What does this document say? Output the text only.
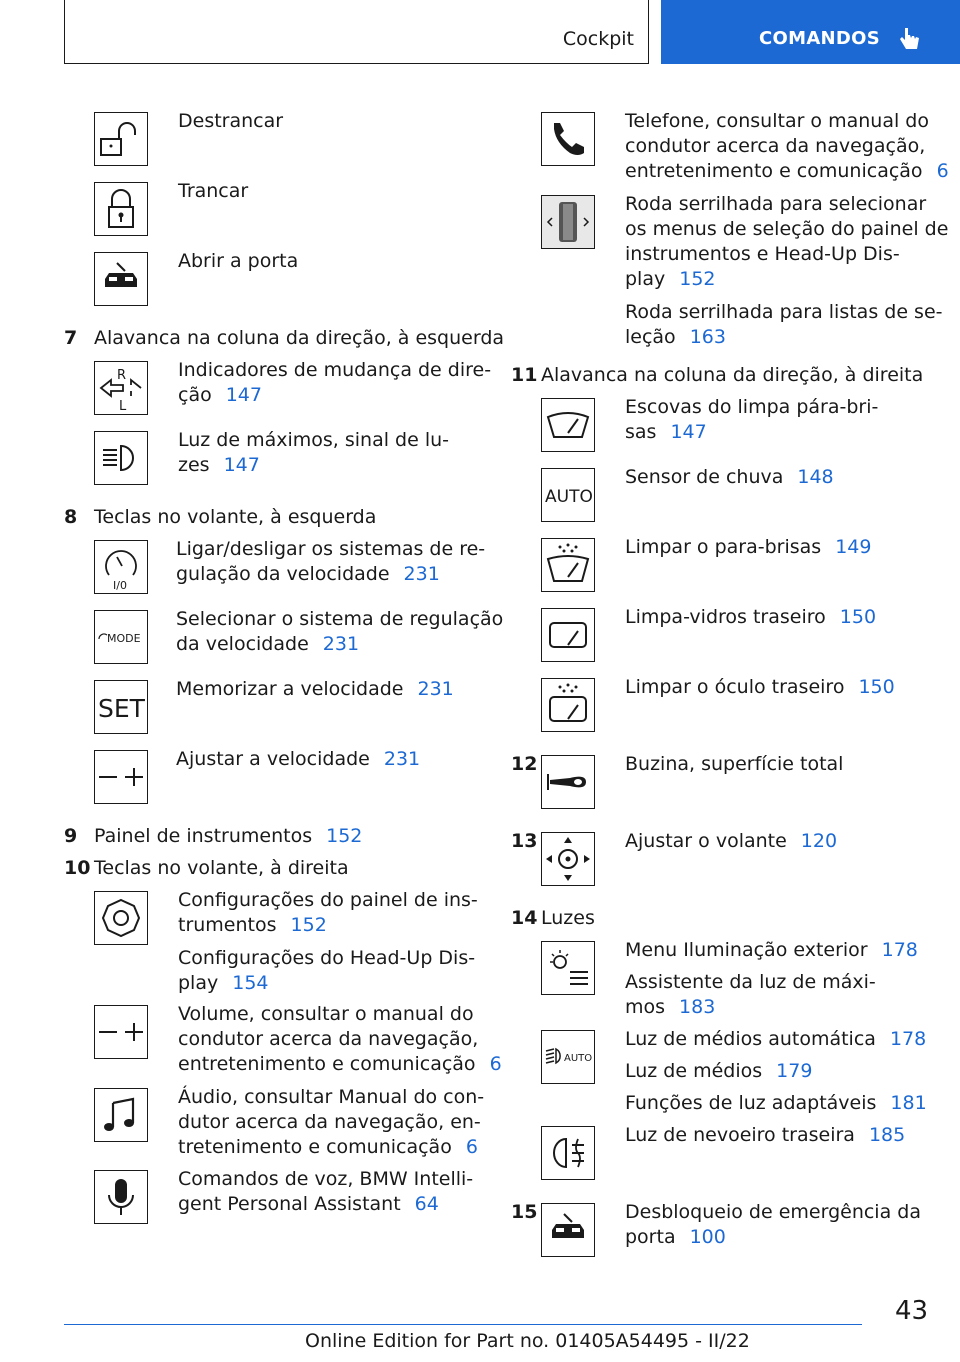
Cockpit	COMANDOS
Destrancar
Trancar
Abrir a porta
7 Alavanca na coluna da direção, à esquerda
R
L
Indicadores de mudança de dire-
ção 147
Luz de máximos, sinal de lu-
zes 147
8 Teclas no volante, à esquerda
I/0
Ligar/desligar os sistemas de re-
gulação da velocidade 231
MODE
Selecionar o sistema de regulação
da velocidade 231
SET
Memorizar a velocidade 231
Ajustar a velocidade 231
9 Painel de instrumentos 152
10 Teclas no volante, à direita
Configurações do painel de ins-
trumentos 152
Configurações do Head-Up Dis-
play 154
Volume, consultar o manual do
condutor acerca da navegação,
entretenimento e comunicação 6
Áudio, consultar Manual do con-
dutor acerca da navegação, en-
tretenimento e comunicação 6
Comandos de voz, BMW Intelli-
gent Personal Assistant 64
Telefone, consultar o manual do
condutor acerca da navegação,
entretenimento e comunicação 6
Roda serrilhada para selecionar
os menus de seleção do painel de
instrumentos e Head-Up Dis-
play 152
Roda serrilhada para listas de se-
leção 163
11 Alavanca na coluna da direção, à direita
Escovas do limpa pára-bri-
sas 147
AUTO
Sensor de chuva 148
Limpar o para-brisas 149
Limpa-vidros traseiro 150
Limpar o óculo traseiro 150
12	Buzina, superfície total
13	Ajustar o volante 120
14 Luzes
Menu Iluminação exterior 178
Assistente da luz de máxi-
mos 183
AUTO
Luz de médios automática 178
Luz de médios 179
Funções de luz adaptáveis 181
Luz de nevoeiro traseira 185
15	Desbloqueio de emergência da
porta 100
43
Online Edition for Part no. 01405A54495 - II/22
